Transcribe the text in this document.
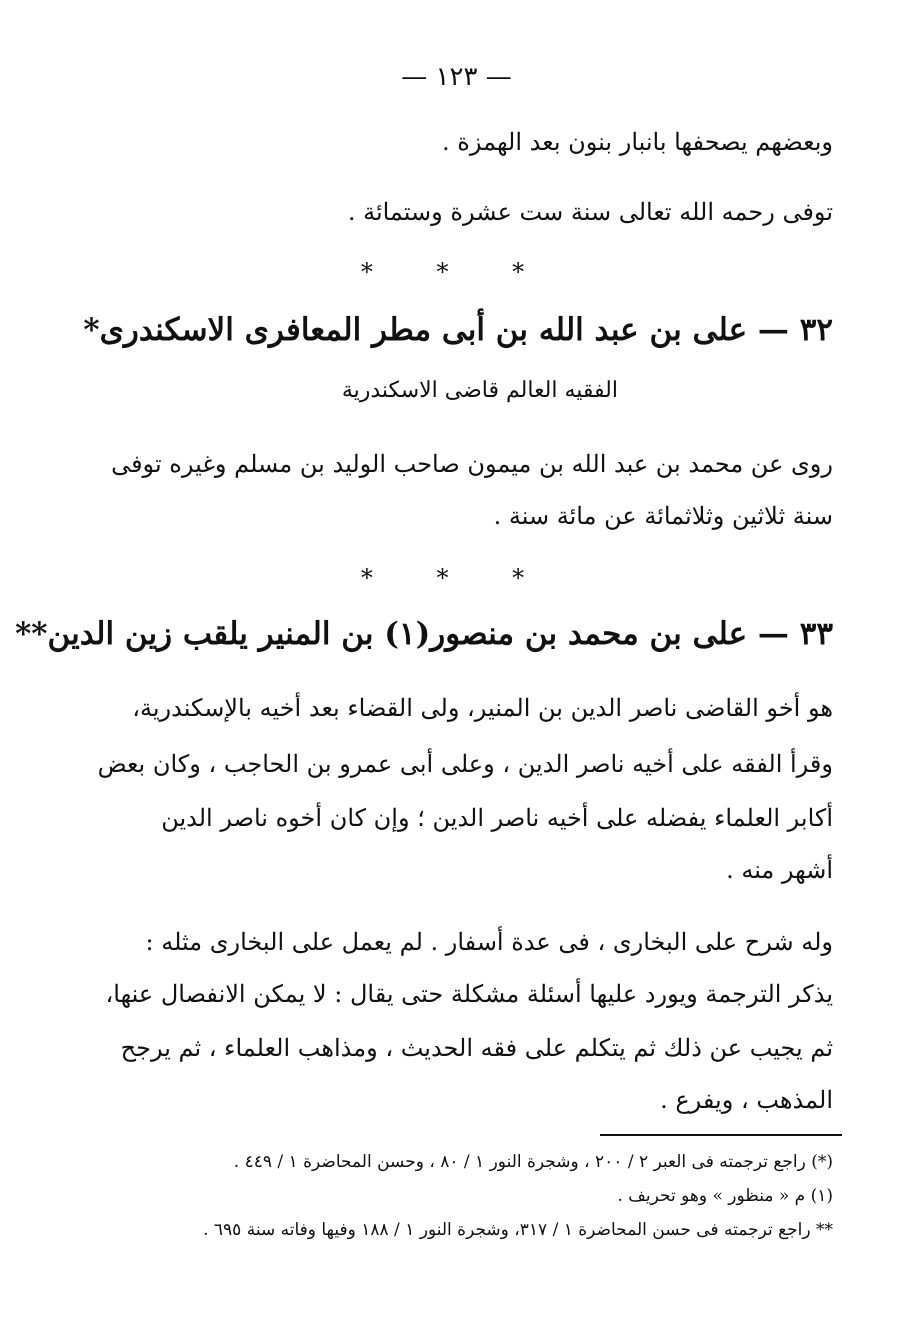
— ١٢٣ —
وبعضهم يصحفها بانبار بنون بعد الهمزة .
توفى رحمه الله تعالى سنة ست عشرة وستمائة .
* * *
٣٢ — على بن عبد الله بن أبى مطر المعافرى الاسكندرى*
الفقيه العالم قاضى الاسكندرية
روى عن محمد بن عبد الله بن ميمون صاحب الوليد بن مسلم وغيره توفى
سنة ثلاثين وثلاثمائة عن مائة سنة .
* * *
٣٣ — على بن محمد بن منصور(١) بن المنير يلقب زين الدين**
هو أخو القاضى ناصر الدين بن المنير، ولى القضاء بعد أخيه بالإسكندرية،
وقرأ الفقه على أخيه ناصر الدين ، وعلى أبى عمرو بن الحاجب ، وكان بعض
أكابر العلماء يفضله على أخيه ناصر الدين ؛ وإن كان أخوه ناصر الدين
أشهر منه .
وله شرح على البخارى ، فى عدة أسفار . لم يعمل على البخارى مثله :
يذكر الترجمة ويورد عليها أسئلة مشكلة حتى يقال : لا يمكن الانفصال عنها،
ثم يجيب عن ذلك ثم يتكلم على فقه الحديث ، ومذاهب العلماء ، ثم يرجح
المذهب ، ويفرع .
(*) راجع ترجمته فى العبر ٢ / ٢٠٠ ، وشجرة النور ١ / ٨٠ ، وحسن المحاضرة ١ / ٤٤٩ .
(١) م « منظور » وهو تحريف .
** راجع ترجمته فى حسن المحاضرة ١ / ٣١٧، وشجرة النور ١ / ١٨٨ وفيها وفاته سنة ٦٩٥ .
